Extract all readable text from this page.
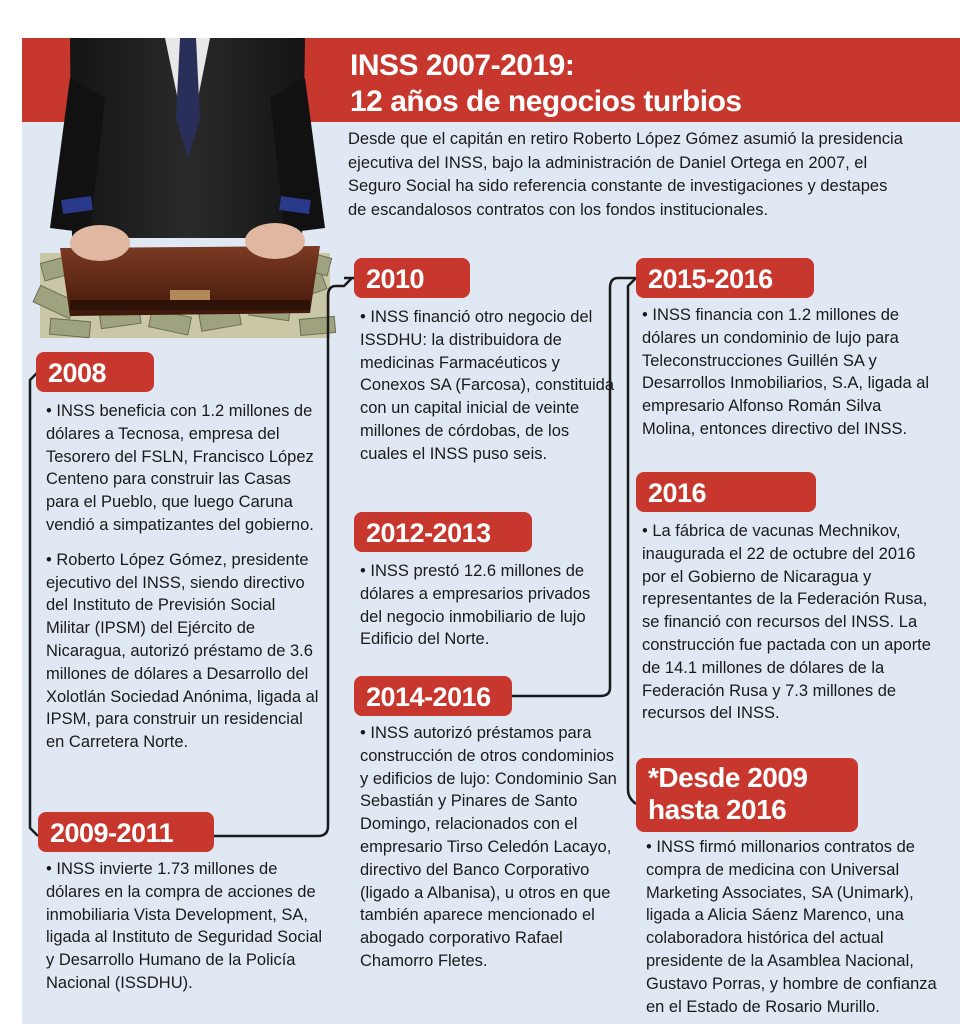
INSS 2007-2019:
12 años de negocios turbios

Desde que el capitán en retiro Roberto López Gómez asumió la presidencia ejecutiva del INSS, bajo la administración de Daniel Ortega en 2007, el Seguro Social ha sido referencia constante de investigaciones y destapes de escandalosos contratos con los fondos institucionales.

2008

• INSS beneficia con 1.2 millones de dólares a Tecnosa, empresa del Tesorero del FSLN, Francisco López Centeno para construir las Casas para el Pueblo, que luego Caruna vendió a simpatizantes del gobierno.

• Roberto López Gómez, presidente ejecutivo del INSS, siendo directivo del Instituto de Previsión Social Militar (IPSM) del Ejército de Nicaragua, autorizó préstamo de 3.6 millones de dólares a Desarrollo del Xolotlán Sociedad Anónima, ligada al IPSM, para construir un residencial en Carretera Norte.

2009-2011

• INSS invierte 1.73 millones de dólares en la compra de acciones de inmobiliaria Vista Development, SA, ligada al Instituto de Seguridad Social y Desarrollo Humano de la Policía Nacional (ISSDHU).

2010

• INSS financió otro negocio del ISSDHU: la distribuidora de medicinas Farmacéuticos y Conexos SA (Farcosa), constituida con un capital inicial de veinte millones de córdobas, de los cuales el INSS puso seis.

2012-2013

• INSS prestó 12.6 millones de dólares a empresarios privados del negocio inmobiliario de lujo Edificio del Norte.

2014-2016

• INSS autorizó préstamos para construcción de otros condominios y edificios de lujo: Condominio San Sebastián y Pinares de Santo Domingo, relacionados con el empresario Tirso Celedón Lacayo, directivo del Banco Corporativo (ligado a Albanisa), u otros en que también aparece mencionado el abogado corporativo Rafael Chamorro Fletes.

2015-2016

• INSS financia con 1.2 millones de dólares un condominio de lujo para Teleconstrucciones Guillén SA y Desarrollos Inmobiliarios, S.A, ligada al empresario Alfonso Román Silva Molina, entonces directivo del INSS.

2016

• La fábrica de vacunas Mechnikov, inaugurada el 22 de octubre del 2016 por el Gobierno de Nicaragua y representantes de la Federación Rusa, se financió con recursos del INSS. La construcción fue pactada con un aporte de 14.1 millones de dólares de la Federación Rusa y 7.3 millones de recursos del INSS.

*Desde 2009
hasta 2016

• INSS firmó millonarios contratos de compra de medicina con Universal Marketing Associates, SA (Unimark), ligada a Alicia Sáenz Marenco, una colaboradora histórica del actual presidente de la Asamblea Nacional, Gustavo Porras, y hombre de confianza en el Estado de Rosario Murillo.
